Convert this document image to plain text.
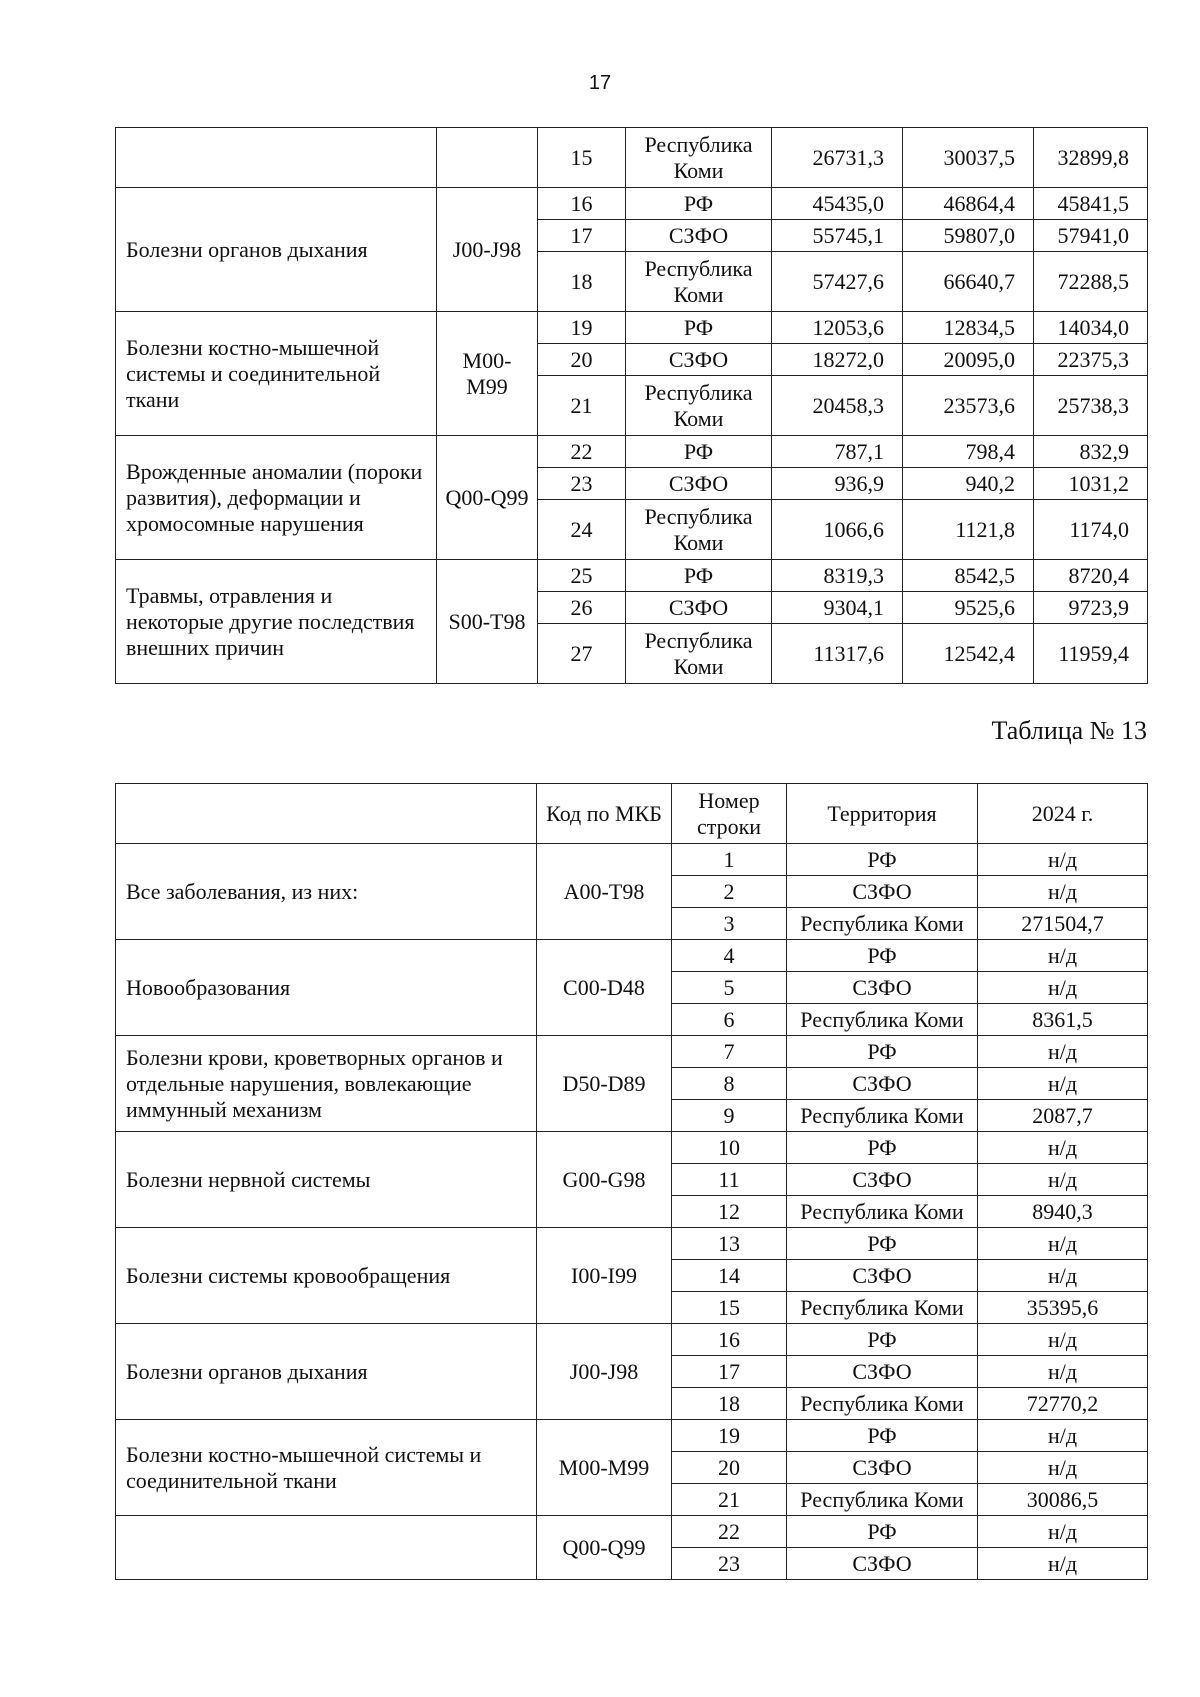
17
		15	Республика Коми	26731,3	30037,5	32899,8
Болезни органов дыхания	J00-J98	16	РФ	45435,0	46864,4	45841,5
		17	СЗФО	55745,1	59807,0	57941,0
		18	Республика Коми	57427,6	66640,7	72288,5
Болезни костно-мышечной системы и соединительной ткани	M00-M99	19	РФ	12053,6	12834,5	14034,0
		20	СЗФО	18272,0	20095,0	22375,3
		21	Республика Коми	20458,3	23573,6	25738,3
Врожденные аномалии (пороки развития), деформации и хромосомные нарушения	Q00-Q99	22	РФ	787,1	798,4	832,9
		23	СЗФО	936,9	940,2	1031,2
		24	Республика Коми	1066,6	1121,8	1174,0
Травмы, отравления и некоторые другие последствия внешних причин	S00-T98	25	РФ	8319,3	8542,5	8720,4
		26	СЗФО	9304,1	9525,6	9723,9
		27	Республика Коми	11317,6	12542,4	11959,4
Таблица № 13
	Код по МКБ	Номер строки	Территория	2024 г.
Все заболевания, из них:	A00-T98	1	РФ	н/д
		2	СЗФО	н/д
		3	Республика Коми	271504,7
Новообразования	C00-D48	4	РФ	н/д
		5	СЗФО	н/д
		6	Республика Коми	8361,5
Болезни крови, кроветворных органов и отдельные нарушения, вовлекающие иммунный механизм	D50-D89	7	РФ	н/д
		8	СЗФО	н/д
		9	Республика Коми	2087,7
Болезни нервной системы	G00-G98	10	РФ	н/д
		11	СЗФО	н/д
		12	Республика Коми	8940,3
Болезни системы кровообращения	I00-I99	13	РФ	н/д
		14	СЗФО	н/д
		15	Республика Коми	35395,6
Болезни органов дыхания	J00-J98	16	РФ	н/д
		17	СЗФО	н/д
		18	Республика Коми	72770,2
Болезни костно-мышечной системы и соединительной ткани	M00-M99	19	РФ	н/д
		20	СЗФО	н/д
		21	Республика Коми	30086,5
	Q00-Q99	22	РФ	н/д
		23	СЗФО	н/д
